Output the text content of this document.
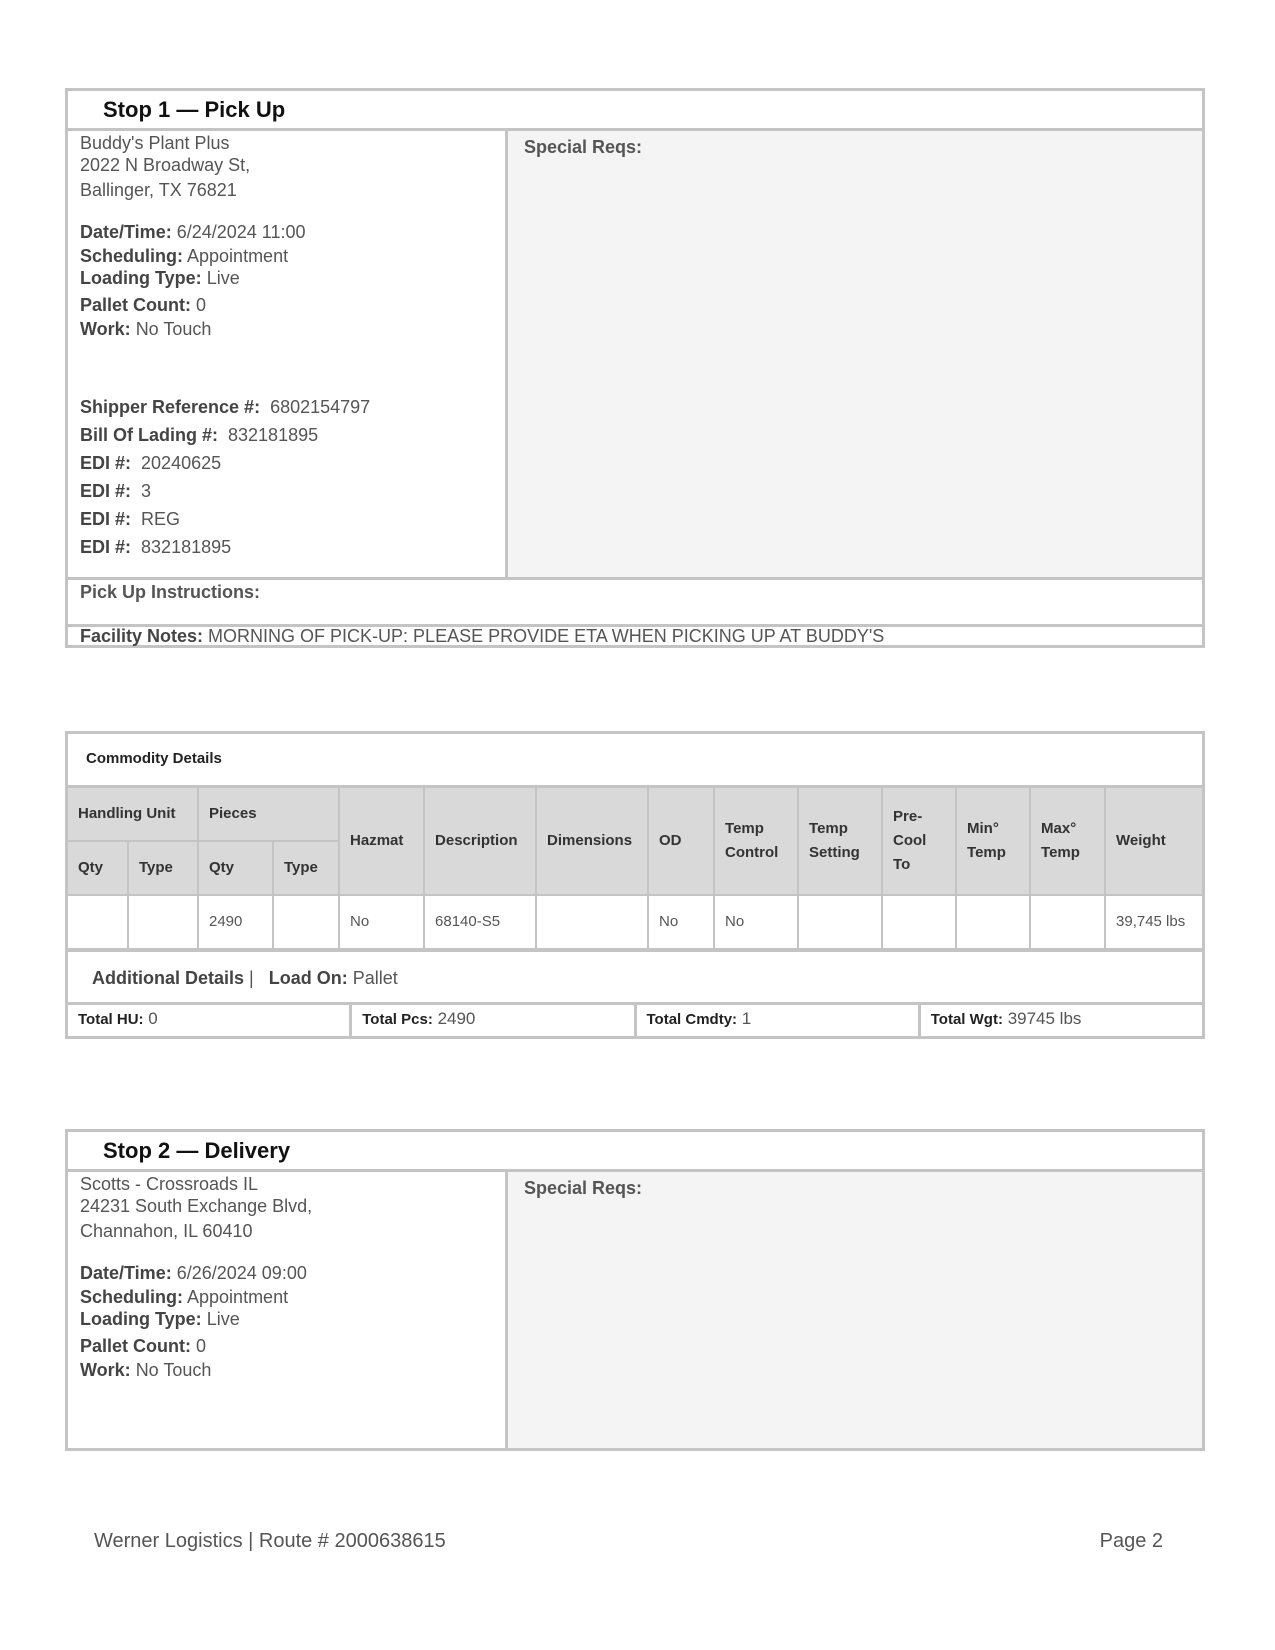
Stop 1 — Pick Up
Buddy's Plant Plus
2022 N Broadway St,
Ballinger, TX 76821
Date/Time: 6/24/2024 11:00
Scheduling: Appointment
Loading Type: Live
Pallet Count: 0
Work: No Touch
Shipper Reference #: 6802154797
Bill Of Lading #: 832181895
EDI #: 20240625
EDI #: 3
EDI #: REG
EDI #: 832181895
Special Reqs:
Pick Up Instructions:
Facility Notes: MORNING OF PICK-UP: PLEASE PROVIDE ETA WHEN PICKING UP AT BUDDY'S
Commodity Details
Handling Unit		Pieces		Hazmat	Description	Dimensions	OD	Temp Control	Temp Setting	Pre-Cool To	Min° Temp	Max° Temp	Weight
Qty	Type	Qty	Type										
		2490		No	68140-S5		No	No					39,745 lbs
Additional Details |   Load On: Pallet
Total HU: 0	Total Pcs: 2490	Total Cmdty: 1	Total Wgt: 39745 lbs
Stop 2 — Delivery
Scotts - Crossroads IL
24231 South Exchange Blvd,
Channahon, IL 60410
Date/Time: 6/26/2024 09:00
Scheduling: Appointment
Loading Type: Live
Pallet Count: 0
Work: No Touch
Special Reqs:
Werner Logistics | Route # 2000638615	Page 2
